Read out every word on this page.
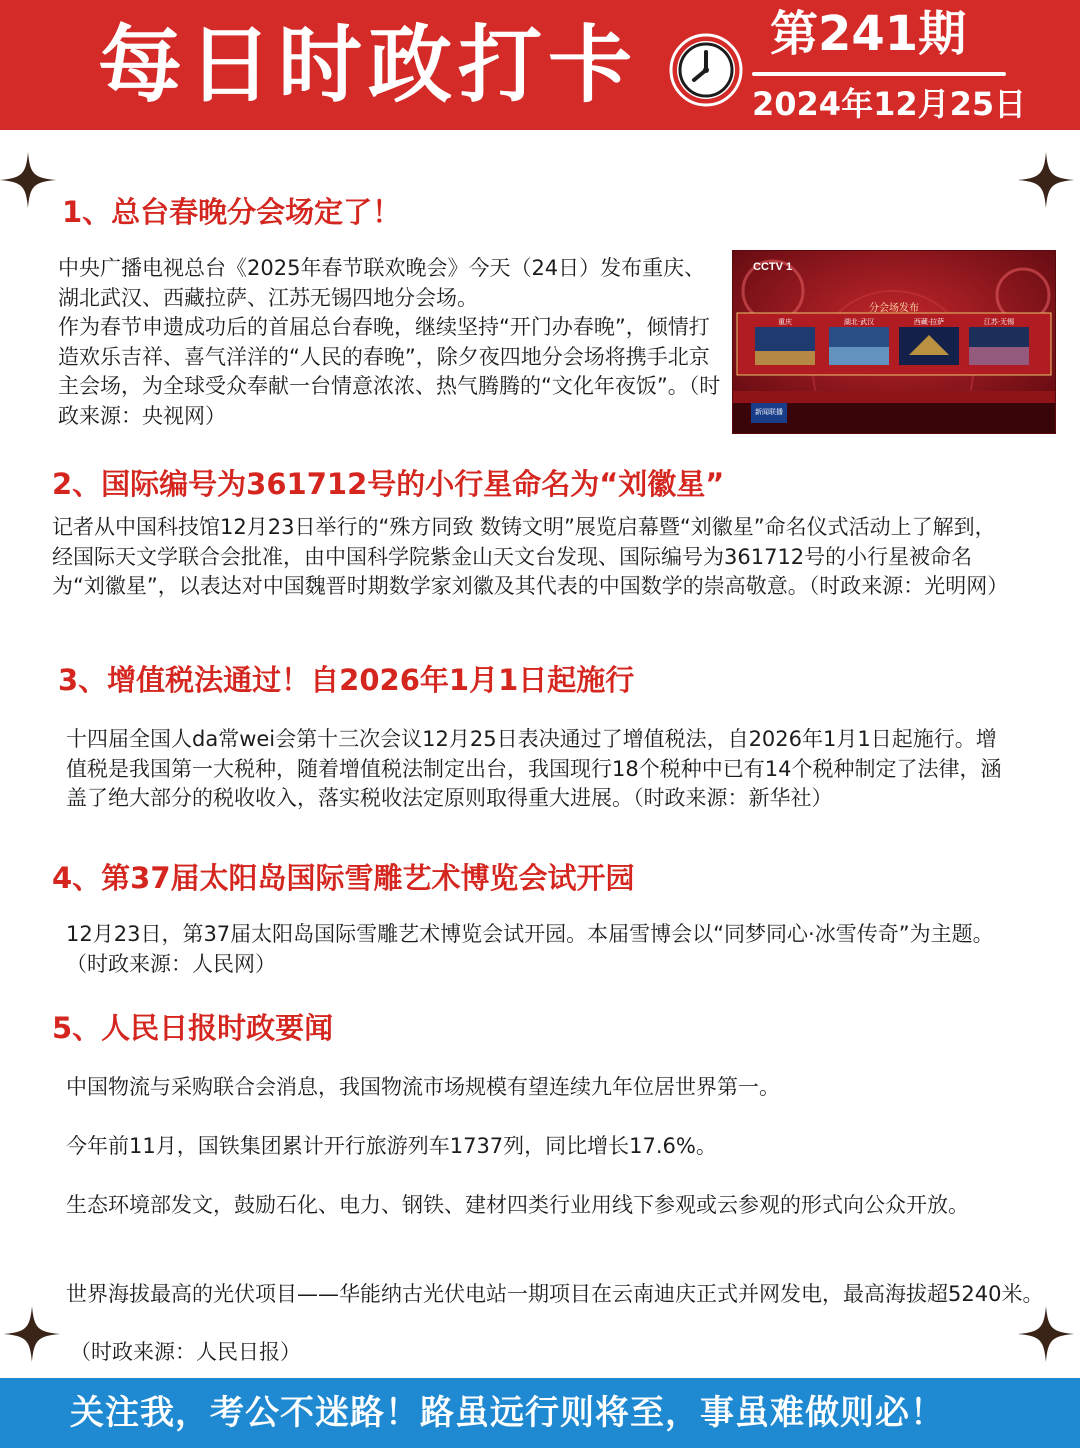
每日时政打卡	第241期
2024年12月25日
1、总台春晚分会场定了！

中央广播电视总台《2025年春节联欢晚会》今天（24日）发布重庆、湖北武汉、西藏拉萨、江苏无锡四地分会场。

作为春节申遗成功后的首届总台春晚，继续坚持“开门办春晚”，倾情打造欢乐吉祥、喜气洋洋的“人民的春晚”，除夕夜四地分会场将携手北京主会场，为全球受众奉献一台情意浓浓、热气腾腾的“文化年夜饭”。（时政来源：央视网）

CCTV 1
分会场发布
重庆	湖北·武汉	西藏·拉萨	江苏·无锡
新闻联播
2、国际编号为361712号的小行星命名为“刘徽星”

记者从中国科技馆12月23日举行的“殊方同致 数铸文明”展览启幕暨“刘徽星”命名仪式活动上了解到，经国际天文学联合会批准，由中国科学院紫金山天文台发现、国际编号为361712号的小行星被命名为“刘徽星”，以表达对中国魏晋时期数学家刘徽及其代表的中国数学的崇高敬意。（时政来源：光明网）

3、增值税法通过！自2026年1月1日起施行

十四届全国人da常wei会第十三次会议12月25日表决通过了增值税法，自2026年1月1日起施行。增值税是我国第一大税种，随着增值税法制定出台，我国现行18个税种中已有14个税种制定了法律，涵盖了绝大部分的税收收入，落实税收法定原则取得重大进展。（时政来源：新华社）

4、第37届太阳岛国际雪雕艺术博览会试开园

12月23日，第37届太阳岛国际雪雕艺术博览会试开园。本届雪博会以“同梦同心·冰雪传奇”为主题。（时政来源：人民网）

5、人民日报时政要闻

中国物流与采购联合会消息，我国物流市场规模有望连续九年位居世界第一。

今年前11月，国铁集团累计开行旅游列车1737列，同比增长17.6%。

生态环境部发文，鼓励石化、电力、钢铁、建材四类行业用线下参观或云参观的形式向公众开放。

世界海拔最高的光伏项目——华能纳古光伏电站一期项目在云南迪庆正式并网发电，最高海拔超5240米。

（时政来源：人民日报）

关注我，考公不迷路！路虽远行则将至，事虽难做则必！
